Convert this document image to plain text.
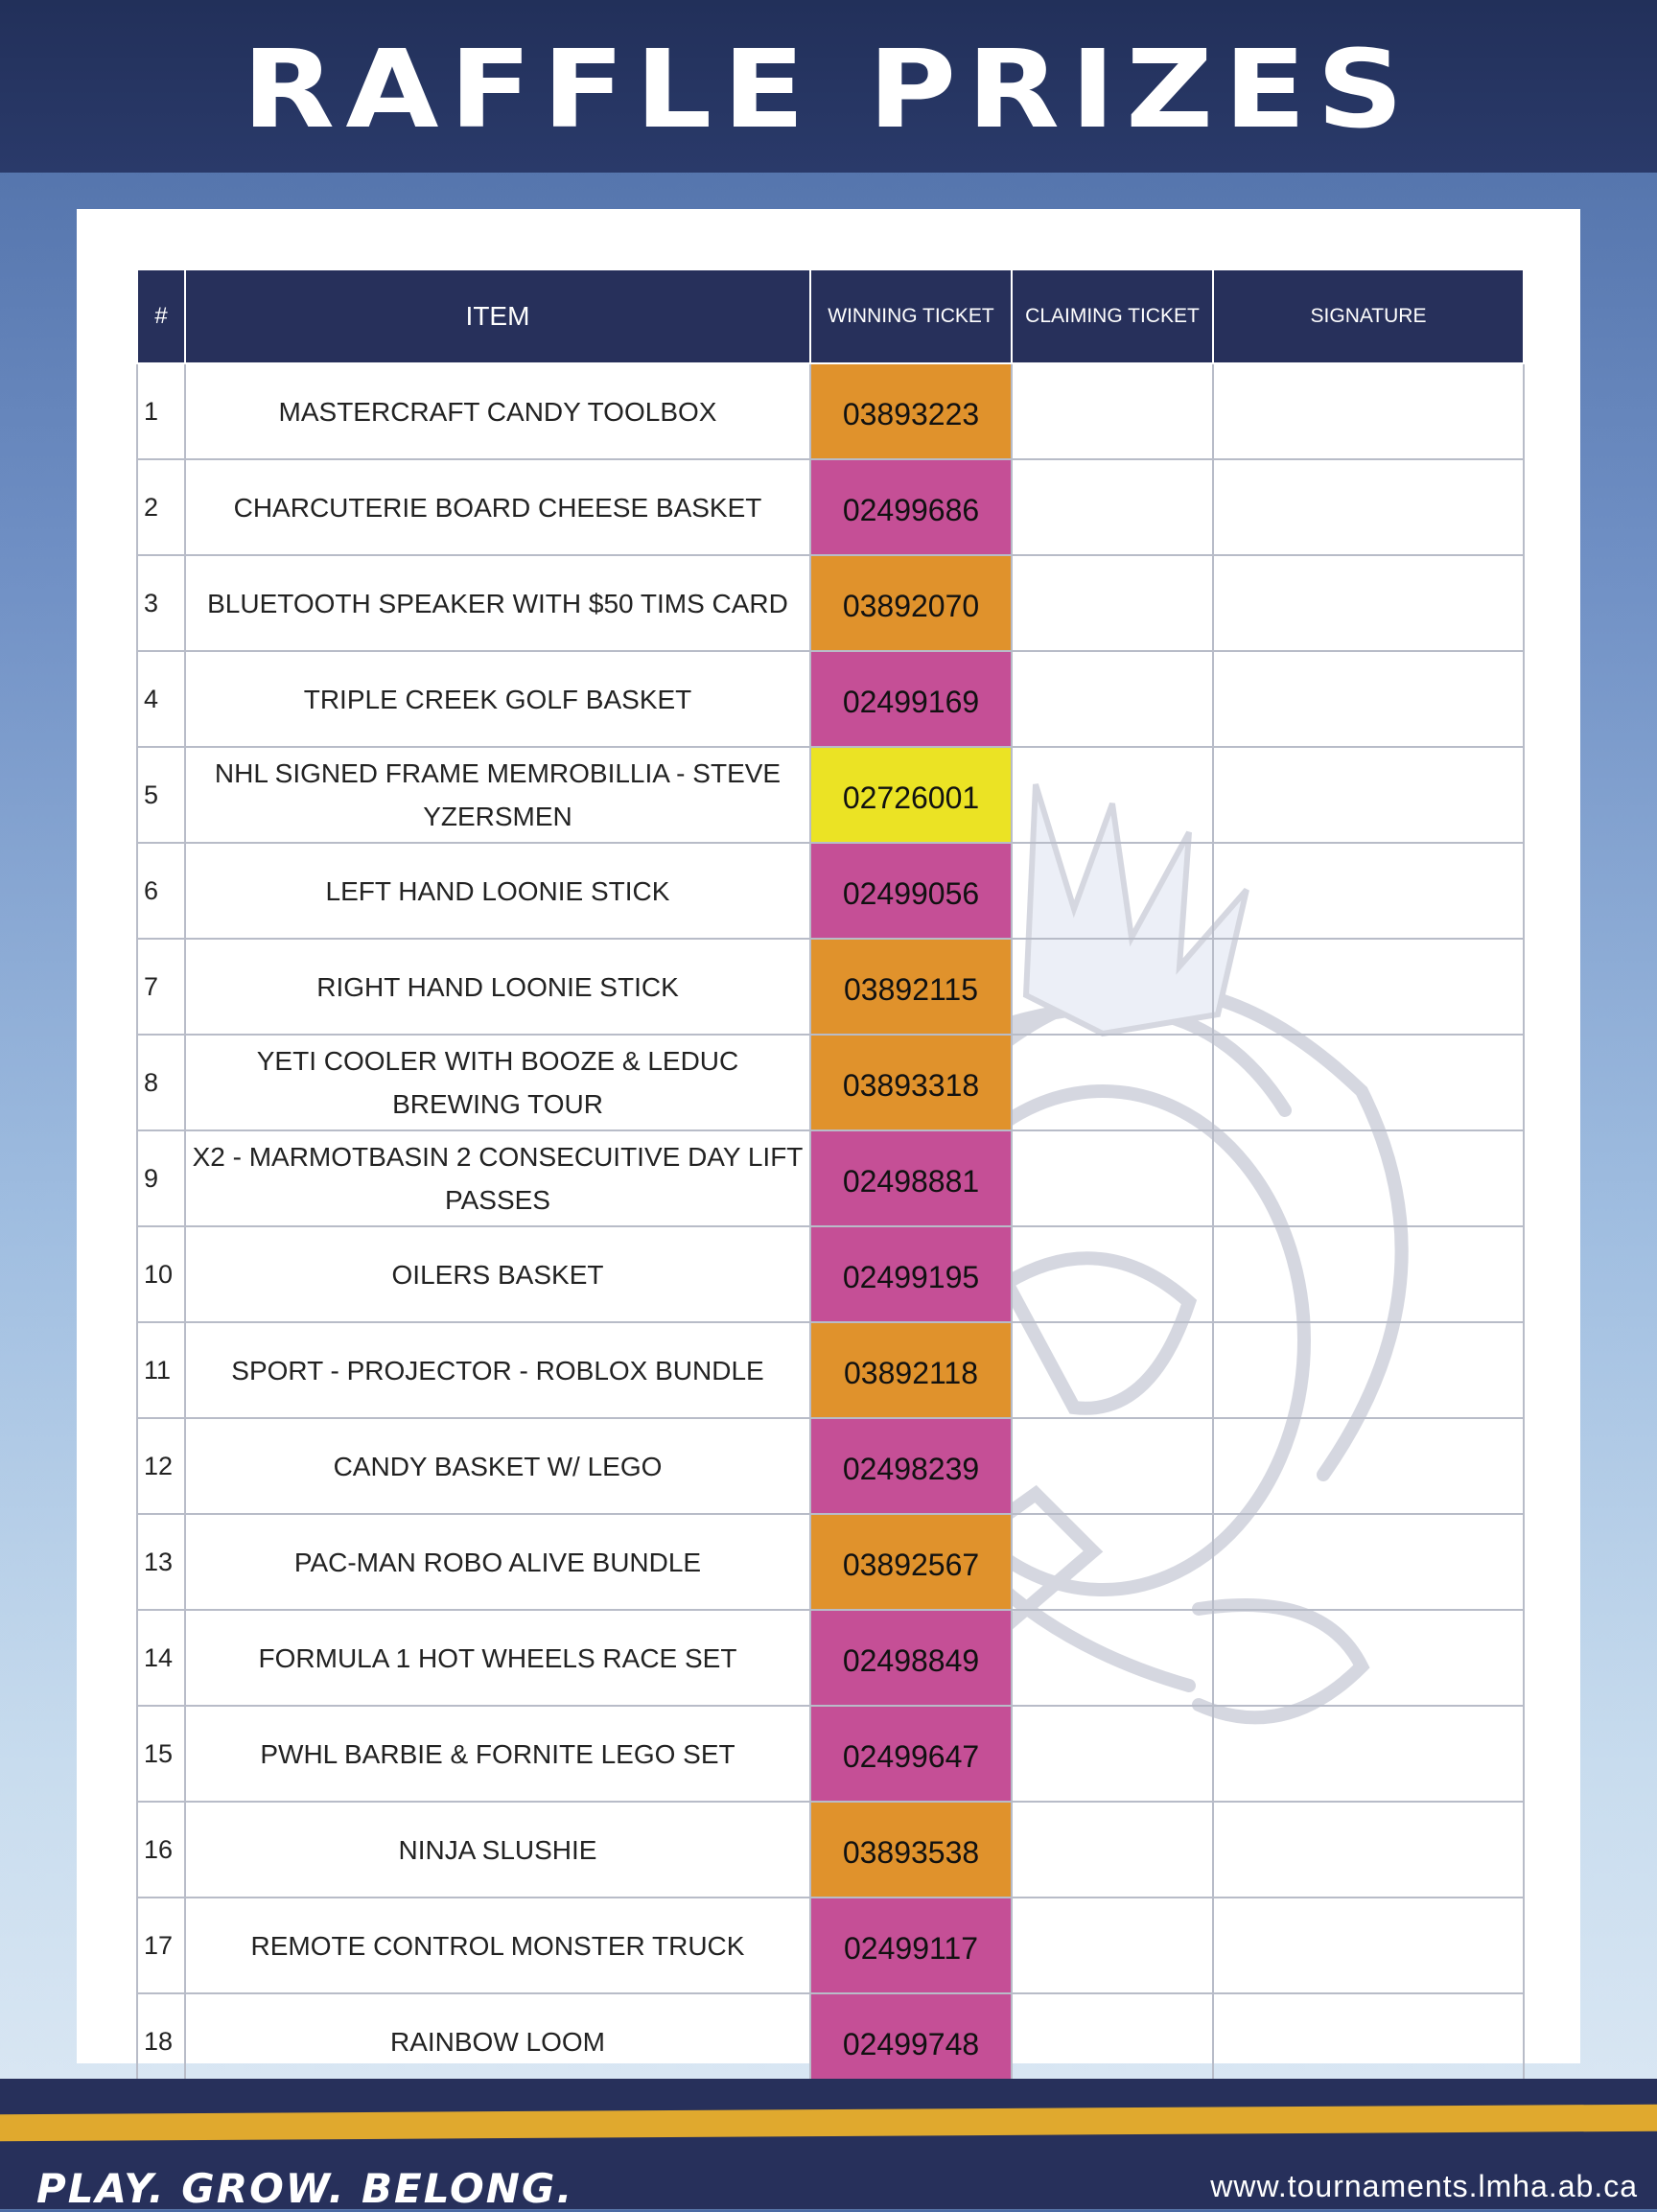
RAFFLE PRIZES
#	ITEM	WINNING TICKET	CLAIMING TICKET	SIGNATURE
1	MASTERCRAFT CANDY TOOLBOX	03893223		
2	CHARCUTERIE BOARD CHEESE BASKET	02499686		
3	BLUETOOTH SPEAKER WITH $50 TIMS CARD	03892070		
4	TRIPLE CREEK GOLF BASKET	02499169		
5	NHL SIGNED FRAME MEMROBILLIA - STEVE YZERSMEN	02726001		
6	LEFT HAND LOONIE STICK	02499056		
7	RIGHT HAND LOONIE STICK	03892115		
8	YETI COOLER WITH BOOZE & LEDUC BREWING TOUR	03893318		
9	X2 - MARMOTBASIN 2 CONSECUITIVE DAY LIFT PASSES	02498881		
10	OILERS BASKET	02499195		
11	SPORT - PROJECTOR - ROBLOX BUNDLE	03892118		
12	CANDY BASKET W/ LEGO	02498239		
13	PAC-MAN ROBO ALIVE BUNDLE	03892567		
14	FORMULA 1 HOT WHEELS RACE SET	02498849		
15	PWHL BARBIE & FORNITE LEGO SET	02499647		
16	NINJA SLUSHIE	03893538		
17	REMOTE CONTROL MONSTER TRUCK	02499117		
18	RAINBOW LOOM	02499748		
PLAY. GROW. BELONG.	www.tournaments.lmha.ab.ca
